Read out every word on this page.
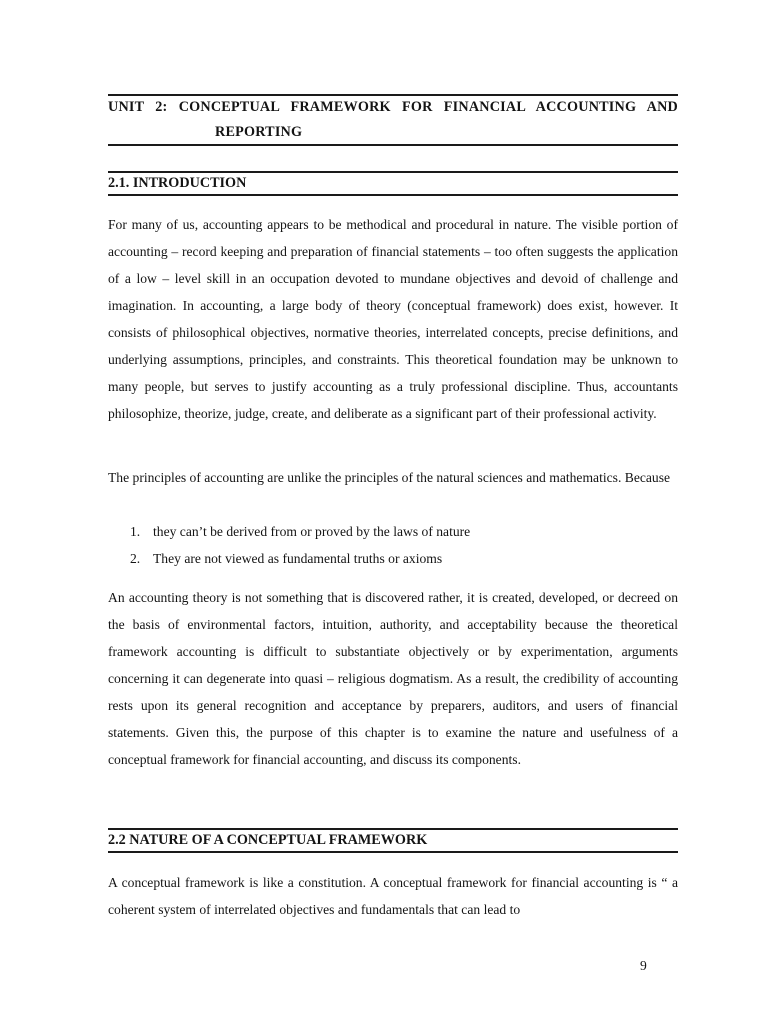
UNIT 2: CONCEPTUAL FRAMEWORK FOR FINANCIAL ACCOUNTING AND
REPORTING
2.1. INTRODUCTION

For many of us, accounting appears to be methodical and procedural in nature. The visible portion of accounting – record keeping and preparation of financial statements – too often suggests the application of a low – level skill in an occupation devoted to mundane objectives and devoid of challenge and imagination. In accounting, a large body of theory (conceptual framework) does exist, however. It consists of philosophical objectives, normative theories, interrelated concepts, precise definitions, and underlying assumptions, principles, and constraints. This theoretical foundation may be unknown to many people, but serves to justify accounting as a truly professional discipline. Thus, accountants philosophize, theorize, judge, create, and deliberate as a significant part of their professional activity.

The principles of accounting are unlike the principles of the natural sciences and mathematics. Because

1. they can’t be derived from or proved by the laws of nature
2. They are not viewed as fundamental truths or axioms

An accounting theory is not something that is discovered rather, it is created, developed, or decreed on the basis of environmental factors, intuition, authority, and acceptability because the theoretical framework accounting is difficult to substantiate objectively or by experimentation, arguments concerning it can degenerate into quasi – religious dogmatism. As a result, the credibility of accounting rests upon its general recognition and acceptance by preparers, auditors, and users of financial statements. Given this, the purpose of this chapter is to examine the nature and usefulness of a conceptual framework for financial accounting, and discuss its components.

2.2 NATURE OF A CONCEPTUAL FRAMEWORK

A conceptual framework is like a constitution. A conceptual framework for financial accounting is “ a coherent system of interrelated objectives and fundamentals that can lead to

9
